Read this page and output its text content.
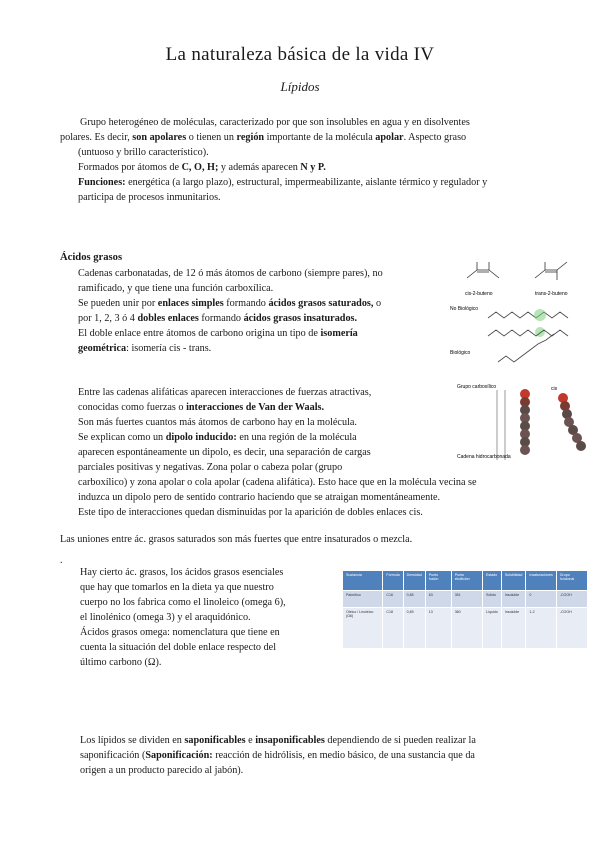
La naturaleza básica de la vida IV
Lípidos
Grupo heterogéneo de moléculas, caracterizado por que son insolubles en agua y en disolventes
polares. Es decir, son apolares o tienen un región importante de la molécula apolar. Aspecto graso
(untuoso y brillo característico).
Formados por átomos de C, O, H; y además aparecen N y P.
Funciones: energética (a largo plazo), estructural, impermeabilizante, aislante térmico y regulador y
participa de procesos inmunitarios.
Ácidos grasos
Cadenas carbonatadas, de 12 ó más átomos de carbono (siempre pares), no
ramificado, y que tiene una función carboxílica.
Se pueden unir por enlaces simples formando ácidos grasos saturados, o
por 1, 2, 3 ó 4 dobles enlaces formando ácidos grasos insaturados.
El doble enlace entre átomos de carbono origina un tipo de isomería
geométrica: isomería cis - trans.
cis-2-buteno	trans-2-buteno
No Biológico
Biológico
Entre las cadenas alifáticas aparecen interacciones de fuerzas atractivas,
conocidas como fuerzas o interacciones de Van der Waals.
Son más fuertes cuantos más átomos de carbono hay en la molécula.
Se explican como un dipolo inducido: en una región de la molécula
aparecen espontáneamente un dipolo, es decir, una separación de cargas
parciales positivas y negativas. Zona polar o cabeza polar (grupo
carboxílico) y zona apolar o cola apolar (cadena alifática). Esto hace que en la molécula vecina se
induzca un dipolo pero de sentido contrario haciendo que se atraigan momentáneamente.
Este tipo de interacciones quedan disminuidas por la aparición de dobles enlaces cis.
Las uniones entre ác. grasos saturados son más fuertes que entre insaturados o mezcla.
Grupo carboxílico
Cadena hidrocarbonada
cis
.
Hay cierto ác. grasos, los ácidos grasos esenciales
que hay que tomarlos en la dieta ya que nuestro
cuerpo no los fabrica como el linoleico (omega 6),
el linolénico (omega 3) y el araquidónico.
Ácidos grasos omega: nomenclatura que tiene en
cuenta la situación del doble enlace respecto del
último carbono (Ω).
Sustancia	Fórmula	Densidad	Punto fusión	Punto ebullición	Estado	Solubilidad	Insaturaciones	Grupo funcional
Palmítico	C16	0,85	63	351	Sólido	Insoluble	0	-COOH
Oleico / Linoleico (Ω6)	C18	0,89	13	360	Líquido	Insoluble	1-2	-COOH
Los lípidos se dividen en saponificables e insaponificables dependiendo de si pueden realizar la
saponificación (Saponificación: reacción de hidrólisis, en medio básico, de una sustancia que da
origen a un producto parecido al jabón).
